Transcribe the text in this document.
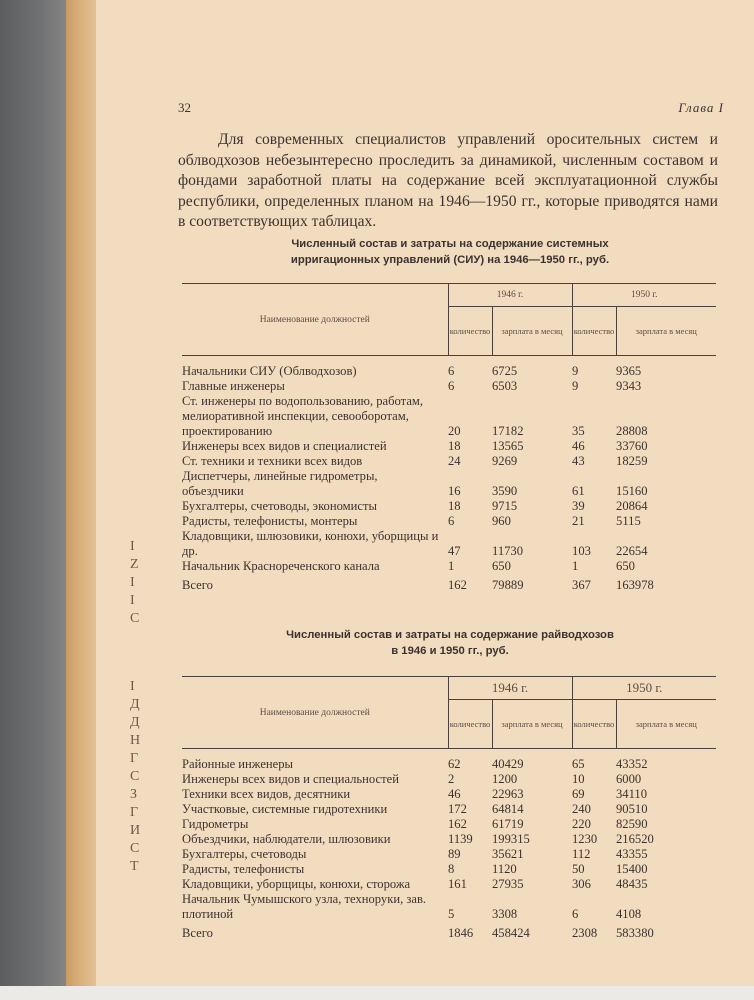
I
Z
I
I
C
I
Д
Д
Н
Г
C
З
Г
И
С
Т
32	Глава I

Для современных специалистов управлений оросительных систем и облводхозов небезынтересно проследить за динамикой, численным составом и фондами заработной платы на содержание всей эксплуатационной службы республики, определенных планом на 1946—1950 гг., которые приводятся нами в соответствующих таблицах.

Численный состав и затраты на содержание системных
ирригационных управлений (СИУ) на 1946—1950 гг., руб.
Наименование должностей	1946 г.		1950 г.	
	количество	зарплата в месяц	количество	зарплата в месяц

Начальники СИУ (Облводхозов)	6	6725	9	9365
Главные инженеры	6	6503	9	9343
Ст. инженеры по водопользованию, работам, мелиоративной инспекции, севооборотам, проектированию	20	17182	35	28808
Инженеры всех видов и специалистей	18	13565	46	33760
Ст. техники и техники всех видов	24	9269	43	18259
Диспетчеры, линейные гидрометры, объездчики	16	3590	61	15160
Бухгалтеры, счетоводы, экономисты	18	9715	39	20864
Радисты, телефонисты, монтеры	6	960	21	5115
Кладовщики, шлюзовики, конюхи, уборщицы и др.	47	11730	103	22654
Начальник Краснореченского канала	1	650	1	650
Всего	162	79889	367	163978
Численный состав и затраты на содержание райводхозов
в 1946 и 1950 гг., руб.
Наименование должностей	1946 г.		1950 г.	
	количество	зарплата в месяц	количество	зарплата в месяц

Районные инженеры	62	40429	65	43352
Инженеры всех видов и специальностей	2	1200	10	6000
Техники всех видов, десятники	46	22963	69	34110
Участковые, системные гидротехники	172	64814	240	90510
Гидрометры	162	61719	220	82590
Объездчики, наблюдатели, шлюзовики	1139	199315	1230	216520
Бухгалтеры, счетоводы	89	35621	112	43355
Радисты, телефонисты	8	1120	50	15400
Кладовщики, уборщицы, конюхи, сторожа	161	27935	306	48435
Начальник Чумышского узла, техноруки, зав. плотиной	5	3308	6	4108
Всего	1846	458424	2308	583380
